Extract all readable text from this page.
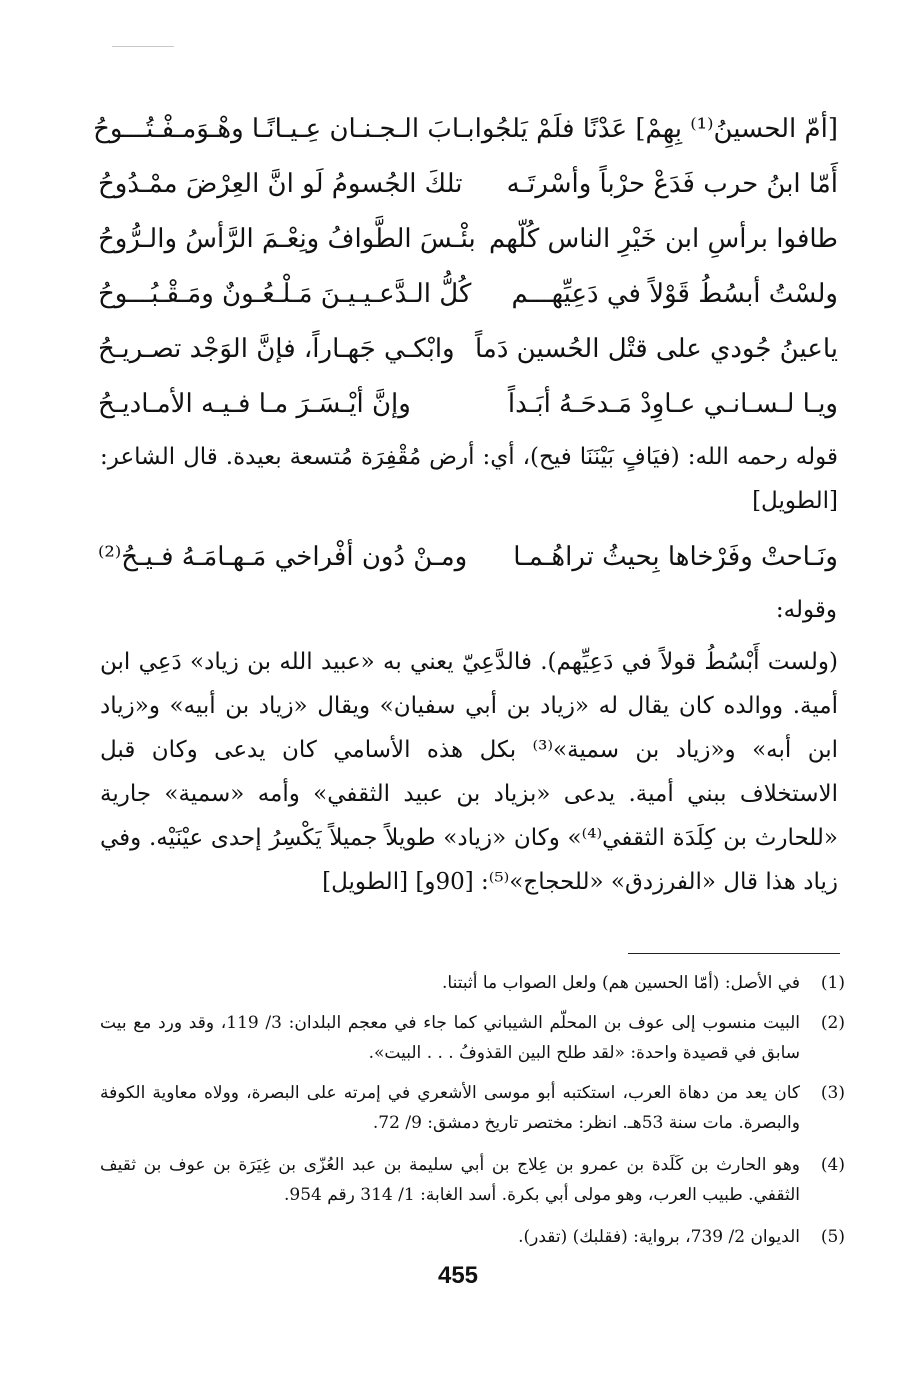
[أمّ الحسينُ⁽¹⁾ بِهِمْ] عَدْنًا فلَمْ يَلجُوا
بـابَ الـجـنـان عِـيـانًـا وهْـوَمـفْـتُـــوحُ
أَمّا ابنُ حرب فَدَعْ حرْباً وأسْرتَـه
تلكَ الجُسومُ لَو انَّ العِرْضَ ممْـدُوحُ
طافوا برأسِ ابن خَيْرِ الناس كُلّهم
بئْـسَ الطَّوافُ ونِعْـمَ الرَّأسُ والـرُّوحُ
ولسْتُ أبسُطُ قَوْلاً في دَعِيِّهـــم
كُلُّ الـدَّعـيـيـنَ مَـلْـعُـونٌ ومَـقْـبُـــوحُ
ياعينُ جُودي على قتْل الحُسين دَماً
وابْكـي جَهـاراً، فإنَّ الوَجْد تصـريـحُ
ويـا لـسـانـي عـاوِدْ مَـدحَـهُ أبَـداً
وإنَّ أيْـسَـرَ مـا فـيـه الأمـاديـحُ

قوله رحمه الله: (فيَافٍ بَيْنَنَا فيح)، أي: أرض مُقْفِرَة مُتسعة بعيدة. قال الشاعر: [الطويل]

ونَـاحتْ وفَرْخاها بِحيثُ تراهُـمـا
ومـنْ دُون أفْراخي مَـهـامَـهُ فـيـحُ⁽²⁾
وقوله:

(ولست أَبْسُطُ قولاً في دَعِيِّهم). فالدَّعِيّ يعني به «عبيد الله بن زياد» دَعِي ابن أمية. ووالده كان يقال له «زياد بن أبي سفيان» ويقال «زياد بن أبيه» و«زياد ابن أبه» و«زياد بن سمية»⁽³⁾ بكل هذه الأسامي كان يدعى وكان قبل الاستخلاف ببني أمية. يدعى «بزياد بن عبيد الثقفي» وأمه «سمية» جارية «للحارث بن كِلَدَة الثقفي⁽⁴⁾» وكان «زياد» طويلاً جميلاً يَكْسِرُ إحدى عيْنَيْه. وفي زياد هذا قال «الفرزدق» «للحجاج»⁽⁵⁾: [90و] [الطويل]

(1)
في الأصل: (أمّا الحسين هم) ولعل الصواب ما أثبتنا.
(2)
البيت منسوب إلى عوف بن المحلّم الشيباني كما جاء في معجم البلدان: 3/ 119، وقد ورد مع بيت سابق في قصيدة واحدة: «لقد طلح البين القذوفُ . . . البيت».
(3)
كان يعد من دهاة العرب، استكتبه أبو موسى الأشعري في إمرته على البصرة، وولاه معاوية الكوفة والبصرة. مات سنة 53هـ. انظر: مختصر تاريخ دمشق: 9/ 72.
(4)
وهو الحارث بن كَلَدة بن عمرو بن عِلاج بن أبي سليمة بن عبد العُزّى بن غِيَرَة بن عوف بن ثقيف الثقفي. طبيب العرب، وهو مولى أبي بكرة. أسد الغابة: 1/ 314 رقم 954.
(5)
الديوان 2/ 739، برواية: (فقلبك) (تقدر).
455
